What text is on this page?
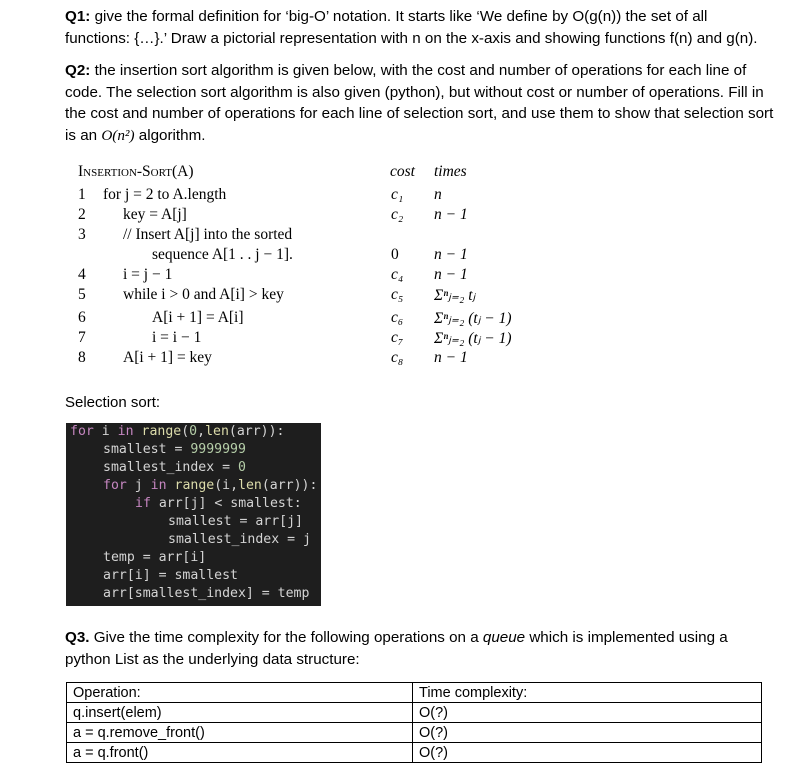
Q1: give the formal definition for ‘big-O’ notation. It starts like ‘We define by O(g(n)) the set of all functions: {…}.’ Draw a pictorial representation with n on the x-axis and showing functions f(n) and g(n).
Q2: the insertion sort algorithm is given below, with the cost and number of operations for each line of code. The selection sort algorithm is also given (python), but without cost or number of operations. Fill in the cost and number of operations for each line of selection sort, and use them to show that selection sort is an O(n²) algorithm.
Insertion-Sort(A)	cost times
1	for j = 2 to A.length	c₁ n
2	key = A[j]	c₂ n − 1
3	// Insert A[j] into the sorted
sequence A[1 . . j − 1].	0 n − 1
4	i = j − 1	c₄ n − 1
5	while i > 0 and A[i] > key	c₅ Σⁿⱼ₌₂ tⱼ
6	A[i + 1] = A[i]	c₆ Σⁿⱼ₌₂ (tⱼ − 1)
7	i = i − 1	c₇ Σⁿⱼ₌₂ (tⱼ − 1)
8	A[i + 1] = key	c₈ n − 1
Selection sort:
for i in range(0,len(arr)):
smallest = 9999999
smallest_index = 0
for j in range(i,len(arr)):
if arr[j] < smallest:
smallest = arr[j]
smallest_index = j
temp = arr[i]
arr[i] = smallest
arr[smallest_index] = temp
Q3. Give the time complexity for the following operations on a queue which is implemented using a python List as the underlying data structure:
Operation:	Time complexity:
q.insert(elem)	O(?)
a = q.remove_front()	O(?)
a = q.front()	O(?)
